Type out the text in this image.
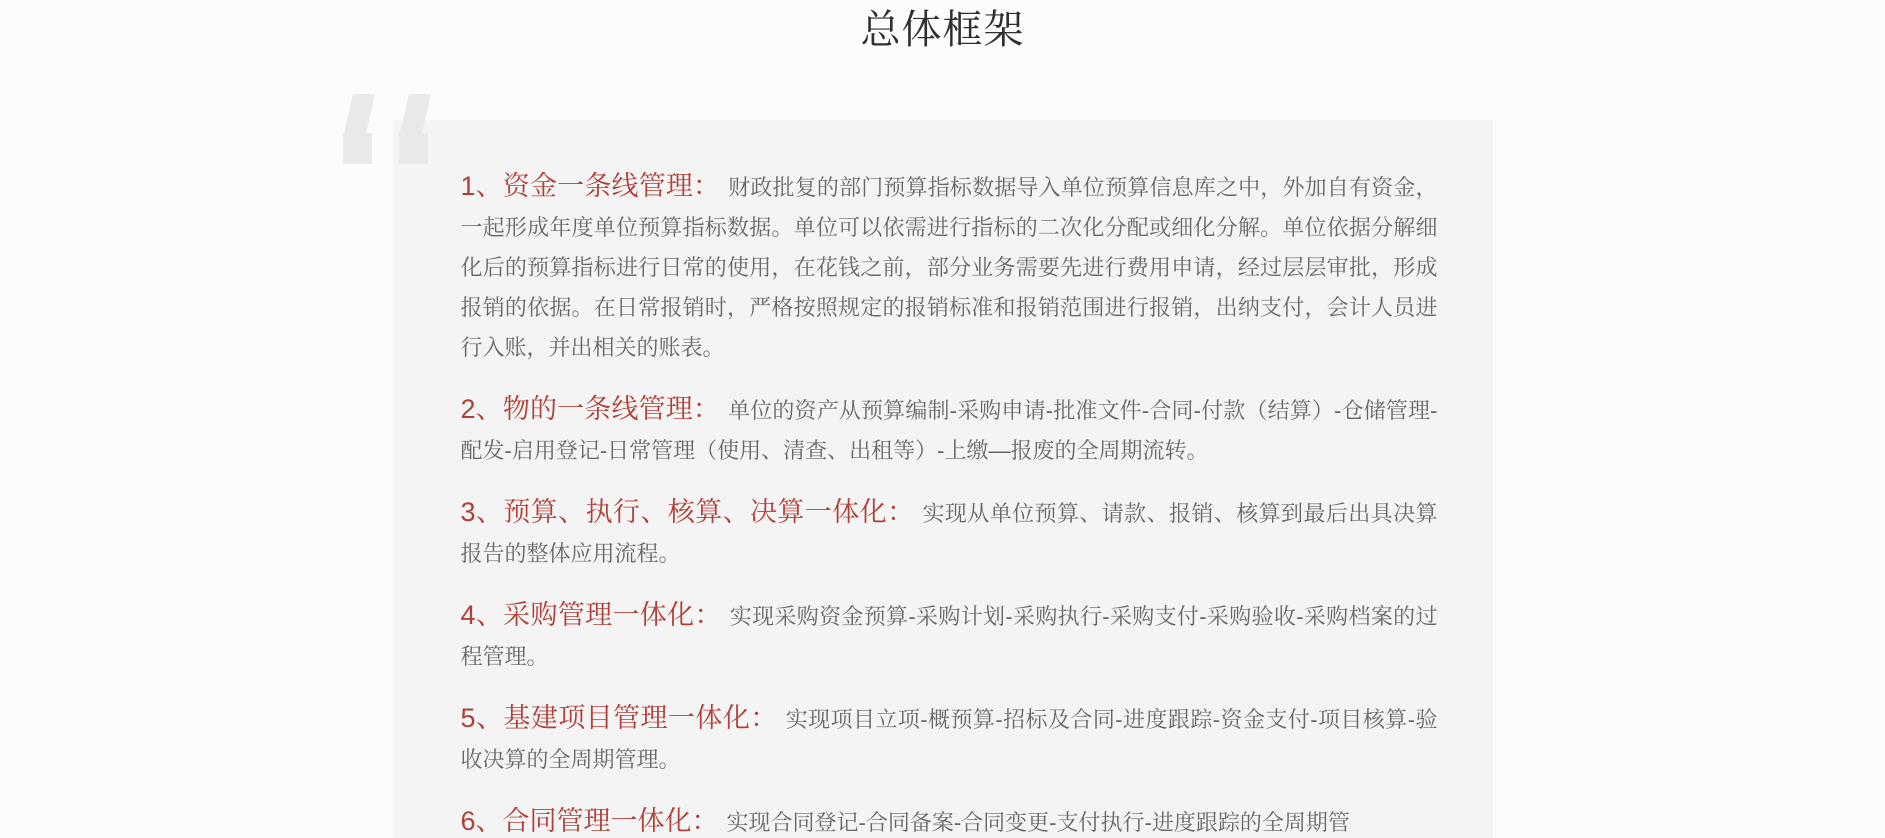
总体框架

1、资金一条线管理： 财政批复的部门预算指标数据导入单位预算信息库之中，外加自有资金，一起形成年度单位预算指标数据。单位可以依需进行指标的二次化分配或细化分解。单位依据分解细化后的预算指标进行日常的使用，在花钱之前，部分业务需要先进行费用申请，经过层层审批，形成报销的依据。在日常报销时，严格按照规定的报销标准和报销范围进行报销，出纳支付，会计人员进行入账，并出相关的账表。

2、物的一条线管理： 单位的资产从预算编制-采购申请-批准文件-合同-付款（结算）-仓储管理-配发-启用登记-日常管理（使用、清查、出租等）-上缴—报废的全周期流转。

3、预算、执行、核算、决算一体化： 实现从单位预算、请款、报销、核算到最后出具决算报告的整体应用流程。

4、采购管理一体化： 实现采购资金预算-采购计划-采购执行-采购支付-采购验收-采购档案的过程管理。

5、基建项目管理一体化： 实现项目立项-概预算-招标及合同-进度跟踪-资金支付-项目核算-验收决算的全周期管理。

6、合同管理一体化： 实现合同登记-合同备案-合同变更-支付执行-进度跟踪的全周期管
